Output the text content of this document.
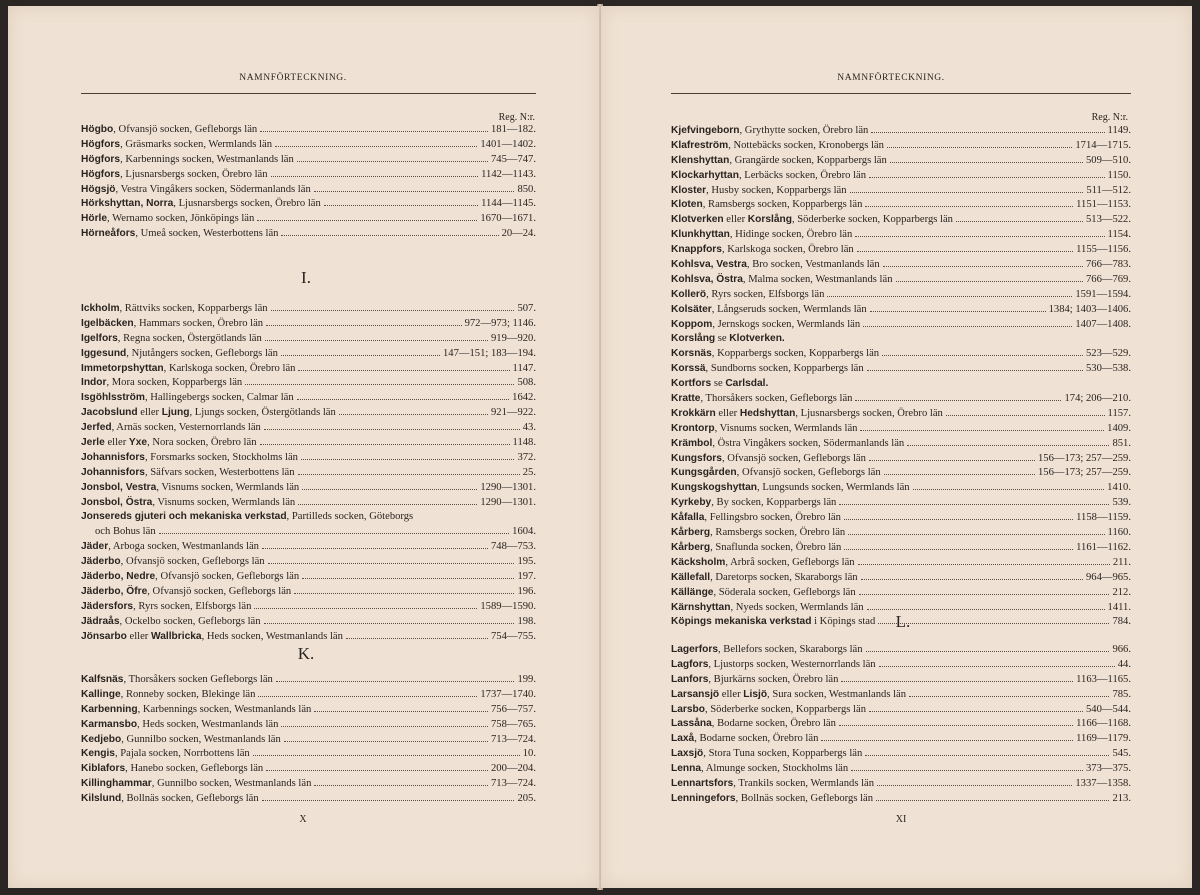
NAMNFÖRTECKNING.
Reg. N:r.
Högbo, Ofvansjö socken, Gefleborgs län	181—182.
Högfors, Gräsmarks socken, Wermlands län	1401—1402.
Högfors, Karbennings socken, Westmanlands län	745—747.
Högfors, Ljusnarsbergs socken, Örebro län	1142—1143.
Högsjö, Vestra Vingåkers socken, Södermanlands län	850.
Hörkshyttan, Norra, Ljusnarsbergs socken, Örebro län	1144—1145.
Hörle, Wernamo socken, Jönköpings län	1670—1671.
Hörneåfors, Umeå socken, Westerbottens län	20—24.
I.
Ickholm, Rättviks socken, Kopparbergs län	507.
Igelbäcken, Hammars socken, Örebro län	972—973; 1146.
Igelfors, Regna socken, Östergötlands län	919—920.
Iggesund, Njutångers socken, Gefleborgs län	147—151; 183—194.
Immetorpshyttan, Karlskoga socken, Örebro län	1147.
Indor, Mora socken, Kopparbergs län	508.
Isgöhlsström, Hallingebergs socken, Calmar län	1642.
Jacobslund eller Ljung, Ljungs socken, Östergötlands län	921—922.
Jerfed, Arnäs socken, Vesternorrlands län	43.
Jerle eller Yxe, Nora socken, Örebro län	1148.
Johannisfors, Forsmarks socken, Stockholms län	372.
Johannisfors, Säfvars socken, Westerbottens län	25.
Jonsbol, Vestra, Visnums socken, Wermlands län	1290—1301.
Jonsbol, Östra, Visnums socken, Wermlands län	1290—1301.
Jonsereds gjuteri och mekaniska verkstad, Partilleds socken, Göteborgs
och Bohus län	1604.
Jäder, Arboga socken, Westmanlands län	748—753.
Jäderbo, Ofvansjö socken, Gefleborgs län	195.
Jäderbo, Nedre, Ofvansjö socken, Gefleborgs län	197.
Jäderbo, Öfre, Ofvansjö socken, Gefleborgs län	196.
Jädersfors, Ryrs socken, Elfsborgs län	1589—1590.
Jädraås, Ockelbo socken, Gefleborgs län	198.
Jönsarbo eller Wallbricka, Heds socken, Westmanlands län	754—755.
K.
Kalfsnäs, Thorsåkers socken Gefleborgs län	199.
Kallinge, Ronneby socken, Blekinge län	1737—1740.
Karbenning, Karbennings socken, Westmanlands län	756—757.
Karmansbo, Heds socken, Westmanlands län	758—765.
Kedjebo, Gunnilbo socken, Westmanlands län	713—724.
Kengis, Pajala socken, Norrbottens län	10.
Kiblafors, Hanebo socken, Gefleborgs län	200—204.
Killinghammar, Gunnilbo socken, Westmanlands län	713—724.
Kilslund, Bollnäs socken, Gefleborgs län	205.
X
NAMNFÖRTECKNING.
Reg. N:r.
Kjefvingeborn, Grythytte socken, Örebro län	1149.
Klafreström, Nottebäcks socken, Kronobergs län	1714—1715.
Klenshyttan, Grangärde socken, Kopparbergs län	509—510.
Klockarhyttan, Lerbäcks socken, Örebro län	1150.
Kloster, Husby socken, Kopparbergs län	511—512.
Kloten, Ramsbergs socken, Kopparbergs län	1151—1153.
Klotverken eller Korslång, Söderberke socken, Kopparbergs län	513—522.
Klunkhyttan, Hidinge socken, Örebro län	1154.
Knappfors, Karlskoga socken, Örebro län	1155—1156.
Kohlsva, Vestra, Bro socken, Vestmanlands län	766—783.
Kohlsva, Östra, Malma socken, Westmanlands län	766—769.
Kollerö, Ryrs socken, Elfsborgs län	1591—1594.
Kolsäter, Långseruds socken, Wermlands län	1384; 1403—1406.
Koppom, Jernskogs socken, Wermlands län	1407—1408.
Korslång se Klotverken.
Korsnäs, Kopparbergs socken, Kopparbergs län	523—529.
Korssä, Sundborns socken, Kopparbergs län	530—538.
Kortfors se Carlsdal.
Kratte, Thorsåkers socken, Gefleborgs län	174; 206—210.
Krokkärn eller Hedshyttan, Ljusnarsbergs socken, Örebro län	1157.
Krontorp, Visnums socken, Wermlands län	1409.
Krämbol, Östra Vingåkers socken, Södermanlands län	851.
Kungsfors, Ofvansjö socken, Gefleborgs län	156—173; 257—259.
Kungsgården, Ofvansjö socken, Gefleborgs län	156—173; 257—259.
Kungskogshyttan, Lungsunds socken, Wermlands län	1410.
Kyrkeby, By socken, Kopparbergs län	539.
Kåfalla, Fellingsbro socken, Örebro län	1158—1159.
Kårberg, Ramsbergs socken, Örebro län	1160.
Kårberg, Snaflunda socken, Örebro län	1161—1162.
Käcksholm, Arbrå socken, Gefleborgs län	211.
Källefall, Daretorps socken, Skaraborgs län	964—965.
Källänge, Söderala socken, Gefleborgs län	212.
Kärnshyttan, Nyeds socken, Wermlands län	1411.
Köpings mekaniska verkstad i Köpings stad	784.
L.
Lagerfors, Bellefors socken, Skaraborgs län	966.
Lagfors, Ljustorps socken, Westernorrlands län	44.
Lanfors, Bjurkärns socken, Örebro län	1163—1165.
Larsansjö eller Lisjö, Sura socken, Westmanlands län	785.
Larsbo, Söderberke socken, Kopparbergs län	540—544.
Lassåna, Bodarne socken, Örebro län	1166—1168.
Laxå, Bodarne socken, Örebro län	1169—1179.
Laxsjö, Stora Tuna socken, Kopparbergs län	545.
Lenna, Almunge socken, Stockholms län	373—375.
Lennartsfors, Trankils socken, Wermlands län	1337—1358.
Lenningefors, Bollnäs socken, Gefleborgs län	213.
XI
